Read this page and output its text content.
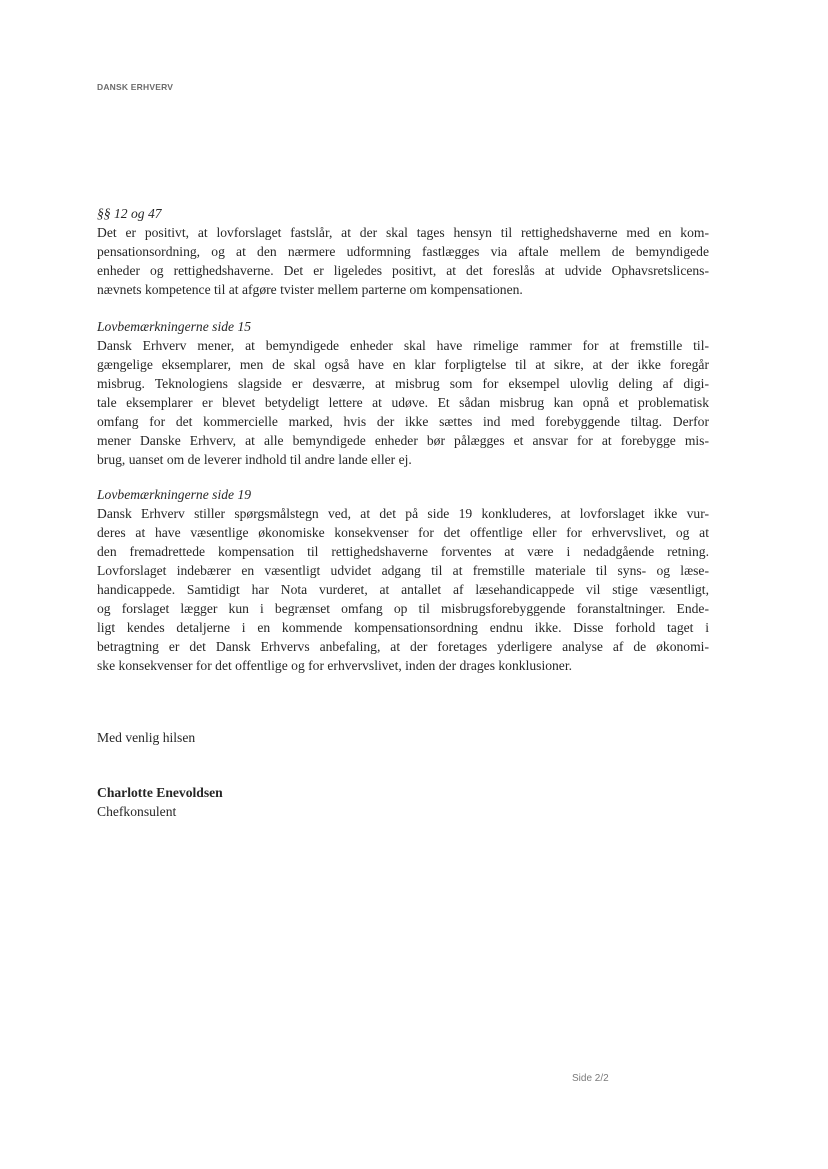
DANSK ERHVERV
§§ 12 og 47
Det er positivt, at lovforslaget fastslår, at der skal tages hensyn til rettighedshaverne med en kom-
pensationsordning, og at den nærmere udformning fastlægges via aftale mellem de bemyndigede
enheder og rettighedshaverne. Det er ligeledes positivt, at det foreslås at udvide Ophavsretslicens-
nævnets kompetence til at afgøre tvister mellem parterne om kompensationen.
Lovbemærkningerne side 15
Dansk Erhverv mener, at bemyndigede enheder skal have rimelige rammer for at fremstille til-
gængelige eksemplarer, men de skal også have en klar forpligtelse til at sikre, at der ikke foregår
misbrug. Teknologiens slagside er desværre, at misbrug som for eksempel ulovlig deling af digi-
tale eksemplarer er blevet betydeligt lettere at udøve. Et sådan misbrug kan opnå et problematisk
omfang for det kommercielle marked, hvis der ikke sættes ind med forebyggende tiltag. Derfor
mener Danske Erhverv, at alle bemyndigede enheder bør pålægges et ansvar for at forebygge mis-
brug, uanset om de leverer indhold til andre lande eller ej.
Lovbemærkningerne side 19
Dansk Erhverv stiller spørgsmålstegn ved, at det på side 19 konkluderes, at lovforslaget ikke vur-
deres at have væsentlige økonomiske konsekvenser for det offentlige eller for erhvervslivet, og at
den fremadrettede kompensation til rettighedshaverne forventes at være i nedadgående retning.
Lovforslaget indebærer en væsentligt udvidet adgang til at fremstille materiale til syns- og læse-
handicappede. Samtidigt har Nota vurderet, at antallet af læsehandicappede vil stige væsentligt,
og forslaget lægger kun i begrænset omfang op til misbrugsforebyggende foranstaltninger. Ende-
ligt kendes detaljerne i en kommende kompensationsordning endnu ikke. Disse forhold taget i
betragtning er det Dansk Erhvervs anbefaling, at der foretages yderligere analyse af de økonomi-
ske konsekvenser for det offentlige og for erhvervslivet, inden der drages konklusioner.
Med venlig hilsen
Charlotte Enevoldsen
Chefkonsulent
Side 2/2
